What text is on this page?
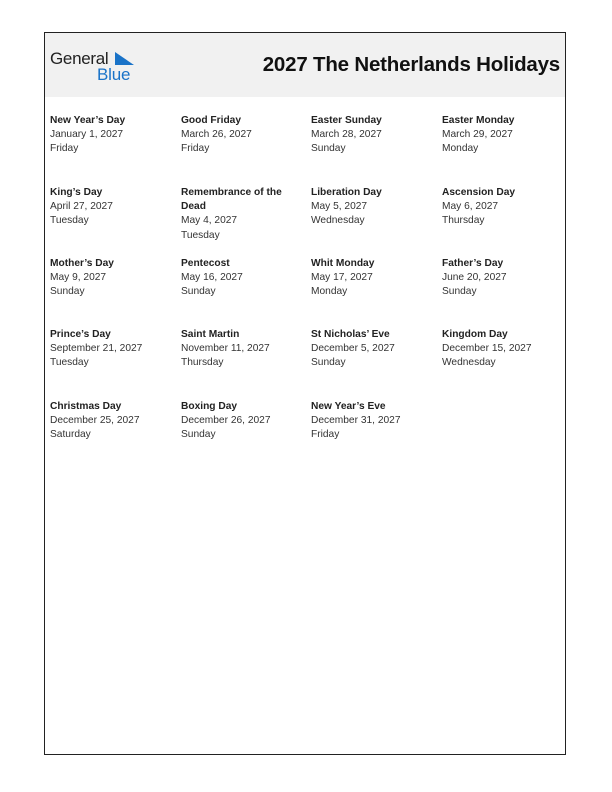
General
Blue	2027 The Netherlands Holidays
New Year’s Day
January 1, 2027
Friday
Good Friday
March 26, 2027
Friday
Easter Sunday
March 28, 2027
Sunday
Easter Monday
March 29, 2027
Monday
King’s Day
April 27, 2027
Tuesday
Remembrance of the Dead
May 4, 2027
Tuesday
Liberation Day
May 5, 2027
Wednesday
Ascension Day
May 6, 2027
Thursday
Mother’s Day
May 9, 2027
Sunday
Pentecost
May 16, 2027
Sunday
Whit Monday
May 17, 2027
Monday
Father’s Day
June 20, 2027
Sunday
Prince’s Day
September 21, 2027
Tuesday
Saint Martin
November 11, 2027
Thursday
St Nicholas’ Eve
December 5, 2027
Sunday
Kingdom Day
December 15, 2027
Wednesday
Christmas Day
December 25, 2027
Saturday
Boxing Day
December 26, 2027
Sunday
New Year’s Eve
December 31, 2027
Friday
